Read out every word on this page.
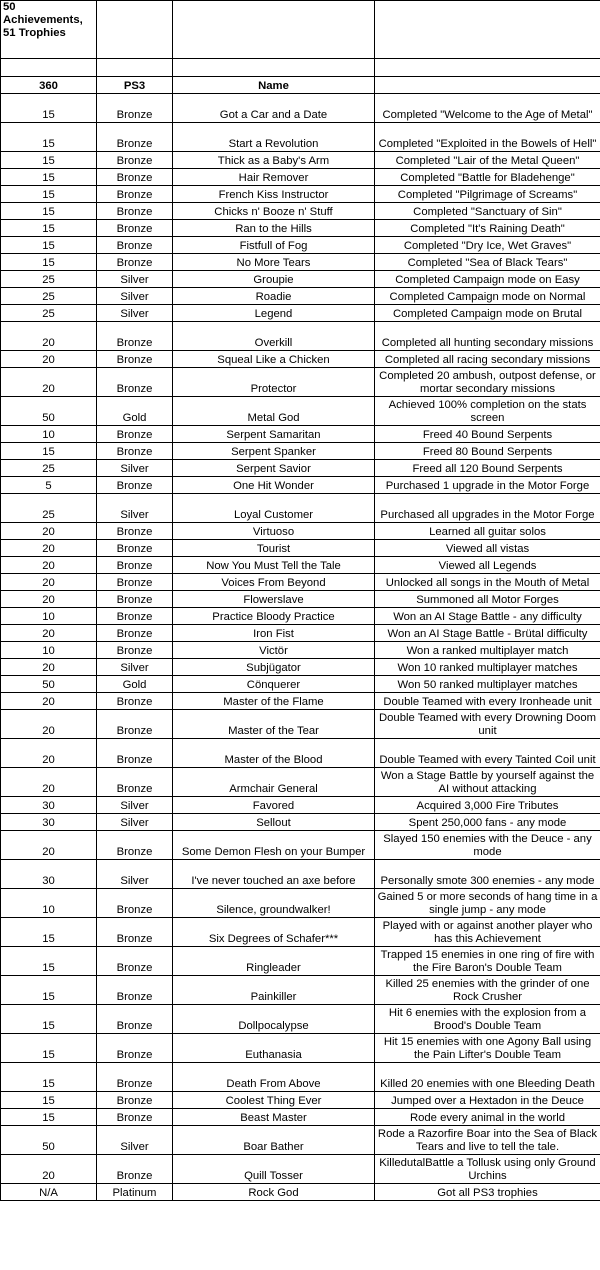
50 Achievements, 51 Trophies			

360	PS3	Name	
15	Bronze	Got a Car and a Date	Completed "Welcome to the Age of Metal"
15	Bronze	Start a Revolution	Completed "Exploited in the Bowels of Hell"
15	Bronze	Thick as a Baby's Arm	Completed "Lair of the Metal Queen"
15	Bronze	Hair Remover	Completed "Battle for Bladehenge"
15	Bronze	French Kiss Instructor	Completed "Pilgrimage of Screams"
15	Bronze	Chicks n' Booze n' Stuff	Completed "Sanctuary of Sin"
15	Bronze	Ran to the Hills	Completed "It's Raining Death"
15	Bronze	Fistfull of Fog	Completed "Dry Ice, Wet Graves"
15	Bronze	No More Tears	Completed "Sea of Black Tears"
25	Silver	Groupie	Completed Campaign mode on Easy
25	Silver	Roadie	Completed Campaign mode on Normal
25	Silver	Legend	Completed Campaign mode on Brutal
20	Bronze	Overkill	Completed all hunting secondary missions
20	Bronze	Squeal Like a Chicken	Completed all racing secondary missions
20	Bronze	Protector	Completed 20 ambush, outpost defense, or mortar secondary missions
50	Gold	Metal God	Achieved 100% completion on the stats screen
10	Bronze	Serpent Samaritan	Freed 40 Bound Serpents
15	Bronze	Serpent Spanker	Freed 80 Bound Serpents
25	Silver	Serpent Savior	Freed all 120 Bound Serpents
5	Bronze	One Hit Wonder	Purchased 1 upgrade in the Motor Forge
25	Silver	Loyal Customer	Purchased all upgrades in the Motor Forge
20	Bronze	Virtuoso	Learned all guitar solos
20	Bronze	Tourist	Viewed all vistas
20	Bronze	Now You Must Tell the Tale	Viewed all Legends
20	Bronze	Voices From Beyond	Unlocked all songs in the Mouth of Metal
20	Bronze	Flowerslave	Summoned all Motor Forges
10	Bronze	Practice Bloody Practice	Won an AI Stage Battle - any difficulty
20	Bronze	Iron Fist	Won an AI Stage Battle - Brütal difficulty
10	Bronze	Victör	Won a ranked multiplayer match
20	Silver	Subjügator	Won 10 ranked multiplayer matches
50	Gold	Cönquerer	Won 50 ranked multiplayer matches
20	Bronze	Master of the Flame	Double Teamed with every Ironheade unit
20	Bronze	Master of the Tear	Double Teamed with every Drowning Doom unit
20	Bronze	Master of the Blood	Double Teamed with every Tainted Coil unit
20	Bronze	Armchair General	Won a Stage Battle by yourself against the AI without attacking
30	Silver	Favored	Acquired 3,000 Fire Tributes
30	Silver	Sellout	Spent 250,000 fans - any mode
20	Bronze	Some Demon Flesh on your Bumper	Slayed 150 enemies with the Deuce - any mode
30	Silver	I've never touched an axe before	Personally smote 300 enemies - any mode
10	Bronze	Silence, groundwalker!	Gained 5 or more seconds of hang time in a single jump - any mode
15	Bronze	Six Degrees of Schafer***	Played with or against another player who has this Achievement
15	Bronze	Ringleader	Trapped 15 enemies in one ring of fire with the Fire Baron's Double Team
15	Bronze	Painkiller	Killed 25 enemies with the grinder of one Rock Crusher
15	Bronze	Dollpocalypse	Hit 6 enemies with the explosion from a Brood's Double Team
15	Bronze	Euthanasia	Hit 15 enemies with one Agony Ball using the Pain Lifter's Double Team
15	Bronze	Death From Above	Killed 20 enemies with one Bleeding Death
15	Bronze	Coolest Thing Ever	Jumped over a Hextadon in the Deuce
15	Bronze	Beast Master	Rode every animal in the world
50	Silver	Boar Bather	Rode a Razorfire Boar into the Sea of Black Tears and live to tell the tale.
20	Bronze	Quill Tosser	KilledutalBattle a Tollusk using only Ground Urchins
N/A	Platinum	Rock God	Got all PS3 trophies
